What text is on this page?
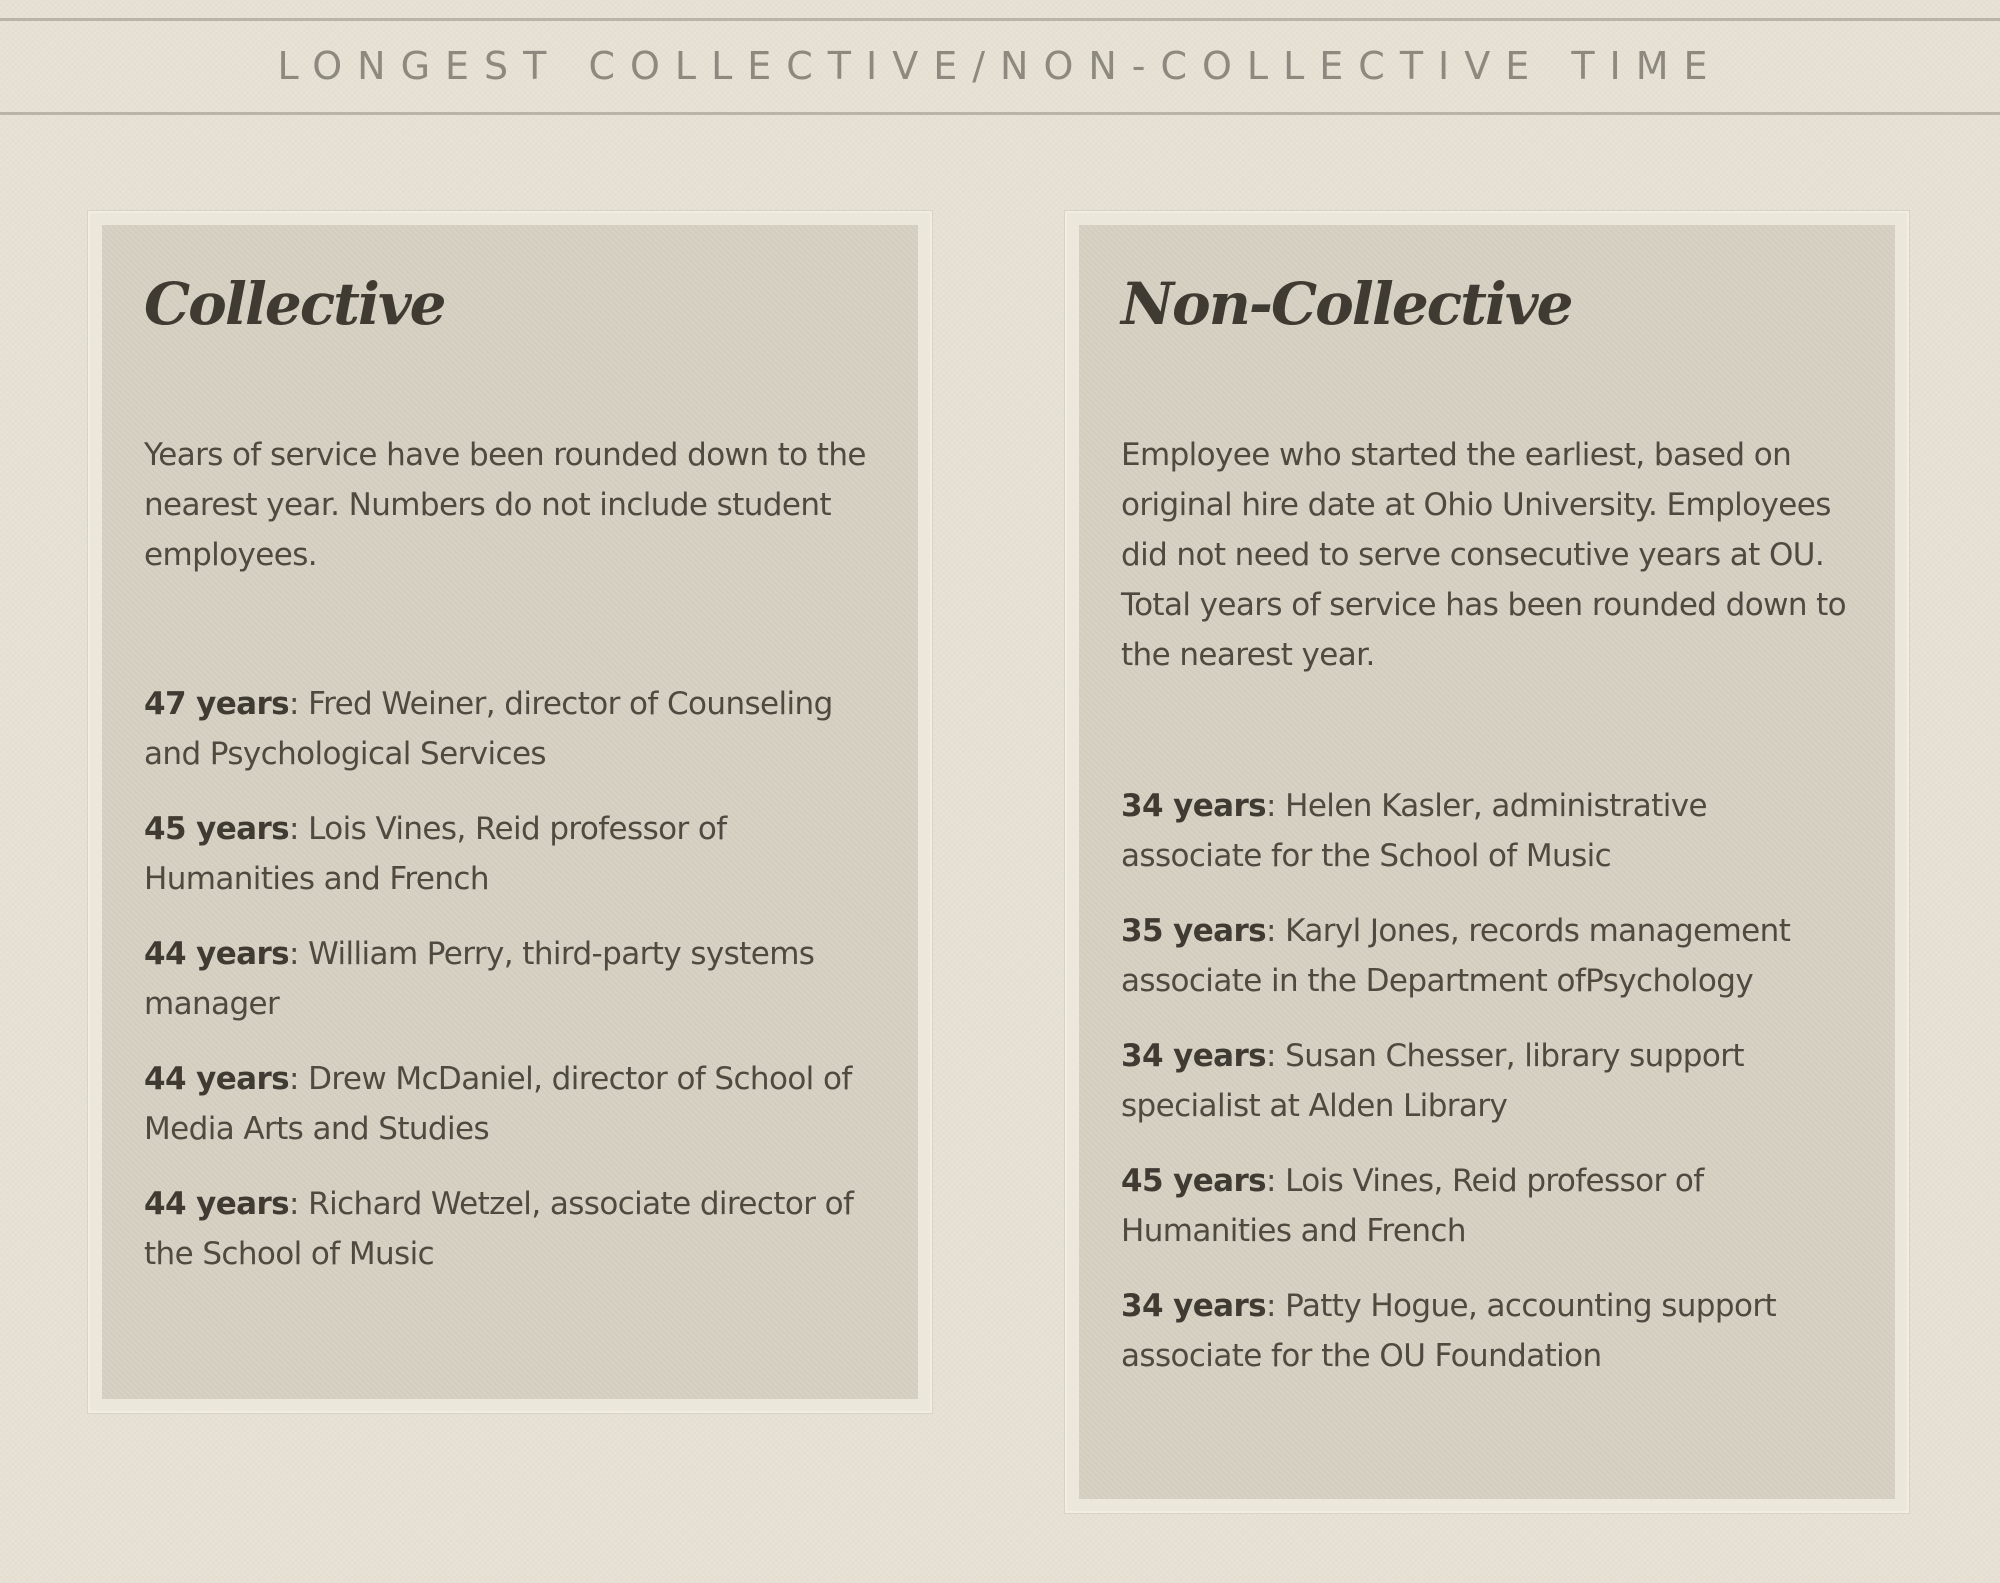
LONGEST COLLECTIVE/NON-COLLECTIVE TIME
Collective

Years of service have been rounded down to the nearest year. Numbers do not include student employees.

47 years: Fred Weiner, director of Counseling and Psychological Services
45 years: Lois Vines, Reid professor of Humanities and French
44 years: William Perry, third-party systems manager
44 years: Drew McDaniel, director of School of Media Arts and Studies
44 years: Richard Wetzel, associate director of the School of Music
Non-Collective

Employee who started the earliest, based on original hire date at Ohio University. Employees did not need to serve consecutive years at OU. Total years of service has been rounded down to the nearest year.

34 years: Helen Kasler, administrative associate for the School of Music
35 years: Karyl Jones, records management associate in the Department ofPsychology
34 years: Susan Chesser, library support specialist at Alden Library
45 years: Lois Vines, Reid professor of Humanities and French
34 years: Patty Hogue, accounting support associate for the OU Foundation
